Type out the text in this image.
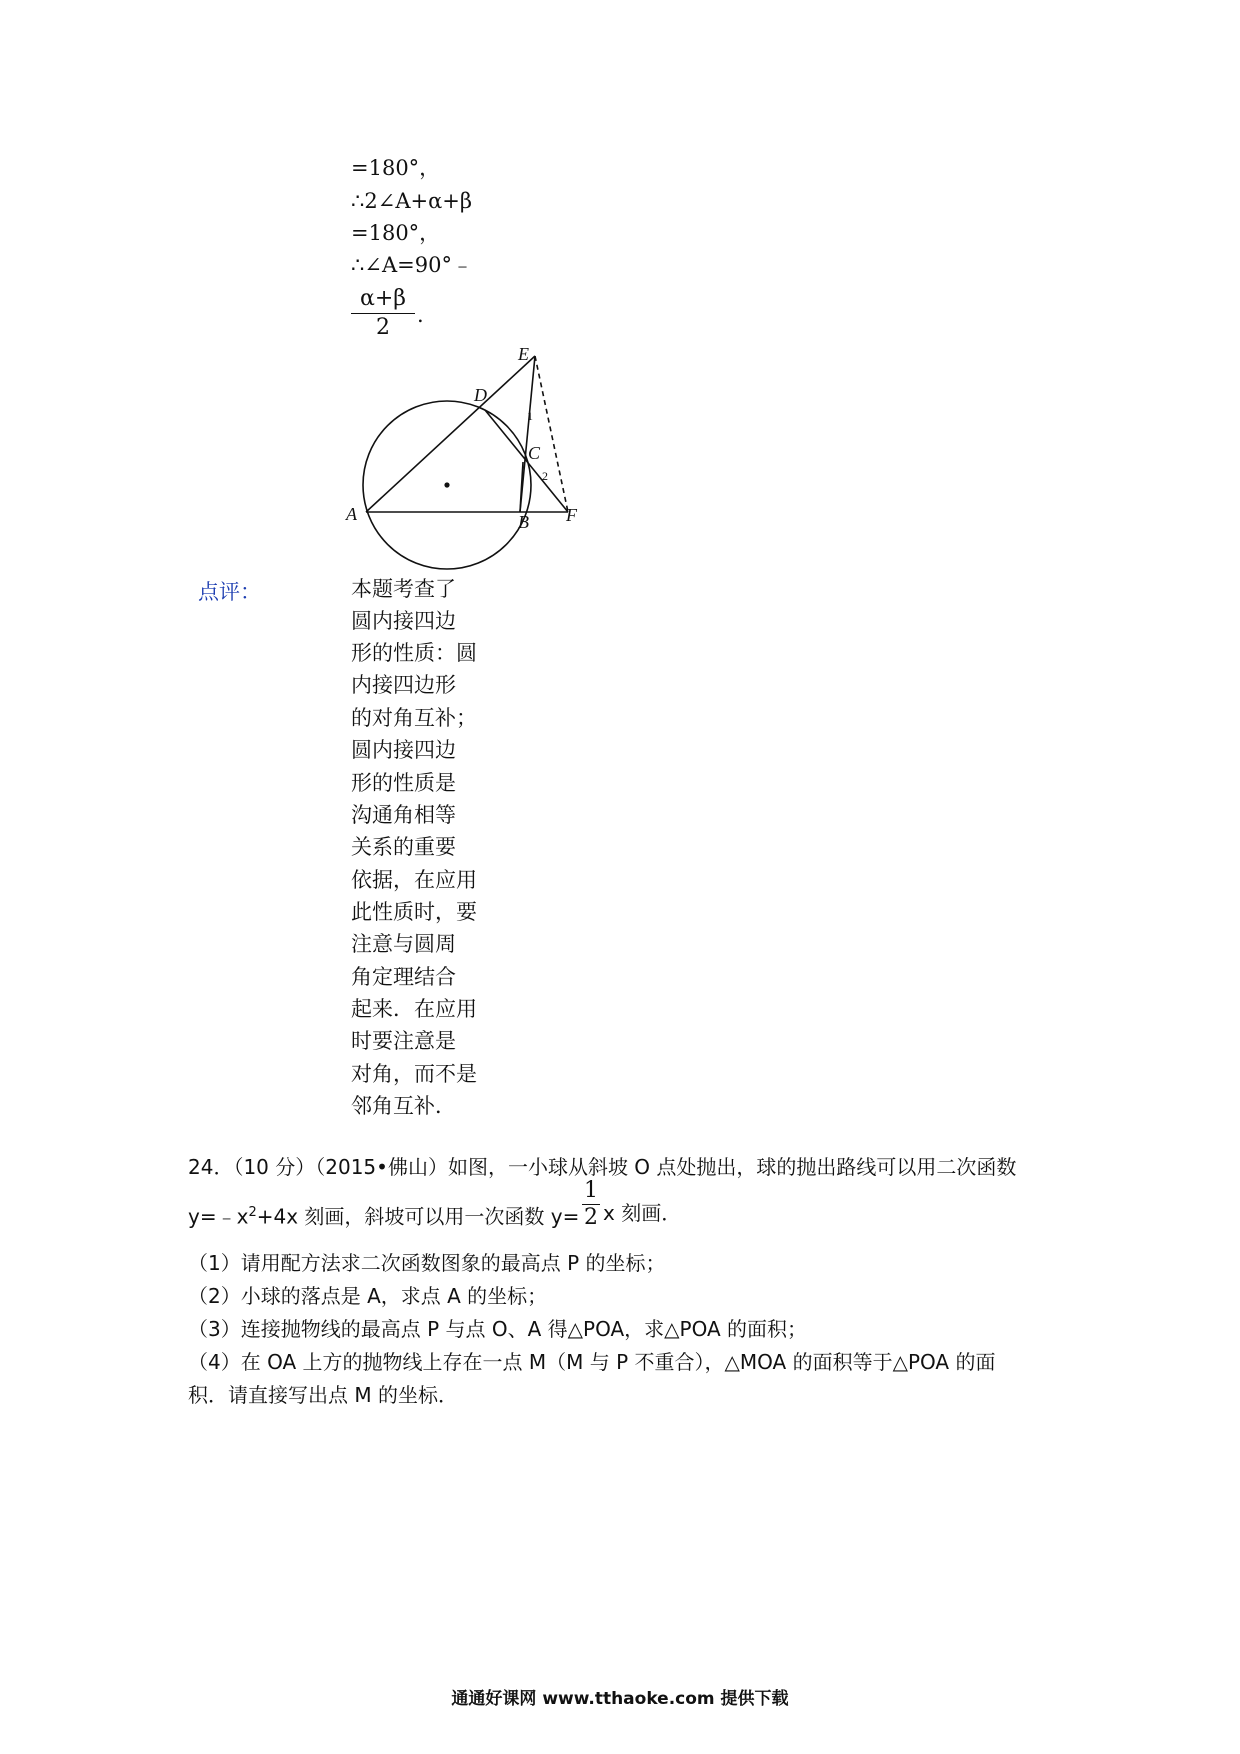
=180°，
∴2∠A+α+β
=180°，
∴∠A=90°﹣
α+β
2	.
A	B
C
D
E
F
1
2
点评：	本题考查了
圆内接四边
形的性质：圆
内接四边形
的对角互补；
圆内接四边
形的性质是
沟通角相等
关系的重要
依据，在应用
此性质时，要
注意与圆周
角定理结合
起来．在应用
时要注意是
对角，而不是
邻角互补．
24．（10 分）（2015•佛山）如图，一小球从斜坡 O 点处抛出，球的抛出路线可以用二次函数
$y=﹣x^2+4x$ 刻画，斜坡可以用一次函数 y=
1
2 x 刻画．
（1）请用配方法求二次函数图象的最高点 P 的坐标；
（2）小球的落点是 A，求点 A 的坐标；
（3）连接抛物线的最高点 P 与点 O、A 得△POA，求△POA 的面积；
（4）在 OA 上方的抛物线上存在一点 M（M 与 P 不重合），△MOA 的面积等于△POA 的面
积．请直接写出点 M 的坐标．
通通好课网 www.tthaoke.com 提供下载
